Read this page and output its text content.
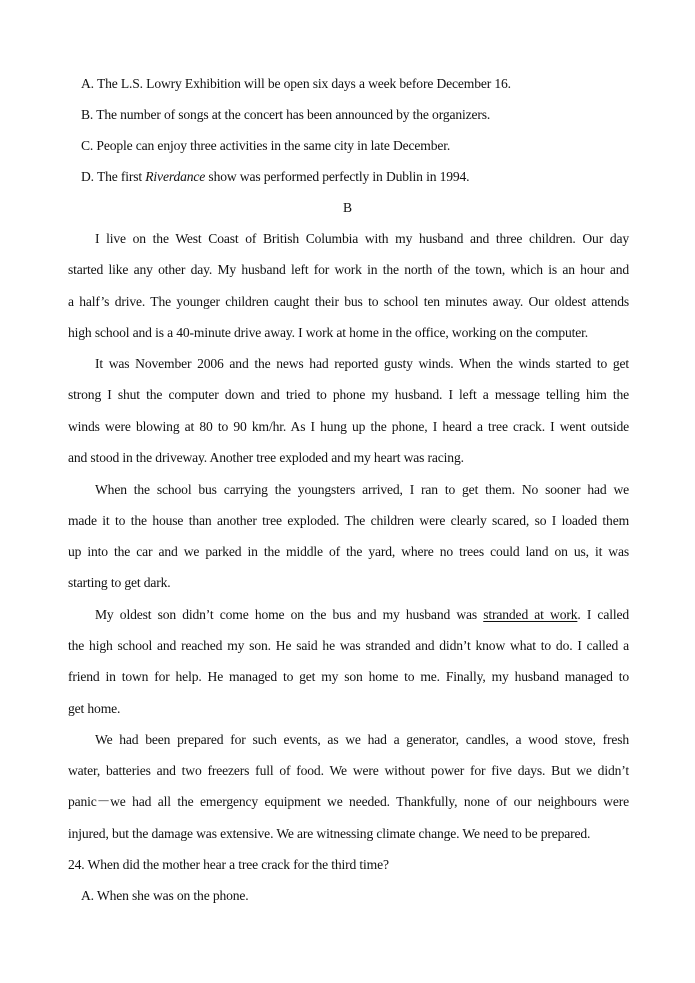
A. The L.S. Lowry Exhibition will be open six days a week before December 16.
B. The number of songs at the concert has been announced by the organizers.
C. People can enjoy three activities in the same city in late December.
D. The first Riverdance show was performed perfectly in Dublin in 1994.
B
I live on the West Coast of British Columbia with my husband and three children. Our day
started like any other day. My husband left for work in the north of the town, which is an hour and
a half’s drive. The younger children caught their bus to school ten minutes away. Our oldest attends
high school and is a 40-minute drive away. I work at home in the office, working on the computer.
It was November 2006 and the news had reported gusty winds. When the winds started to get
strong I shut the computer down and tried to phone my husband. I left a message telling him the
winds were blowing at 80 to 90 km/hr. As I hung up the phone, I heard a tree crack. I went outside
and stood in the driveway. Another tree exploded and my heart was racing.
When the school bus carrying the youngsters arrived, I ran to get them. No sooner had we
made it to the house than another tree exploded. The children were clearly scared, so I loaded them
up into the car and we parked in the middle of the yard, where no trees could land on us, it was
starting to get dark.
My oldest son didn’t come home on the bus and my husband was stranded at work. I called
the high school and reached my son. He said he was stranded and didn’t know what to do. I called a
friend in town for help. He managed to get my son home to me. Finally, my husband managed to
get home.
We had been prepared for such events, as we had a generator, candles, a wood stove, fresh
water, batteries and two freezers full of food. We were without power for five days. But we didn’t
panic－we had all the emergency equipment we needed. Thankfully, none of our neighbours were
injured, but the damage was extensive. We are witnessing climate change. We need to be prepared.
24. When did the mother hear a tree crack for the third time?
A. When she was on the phone.
